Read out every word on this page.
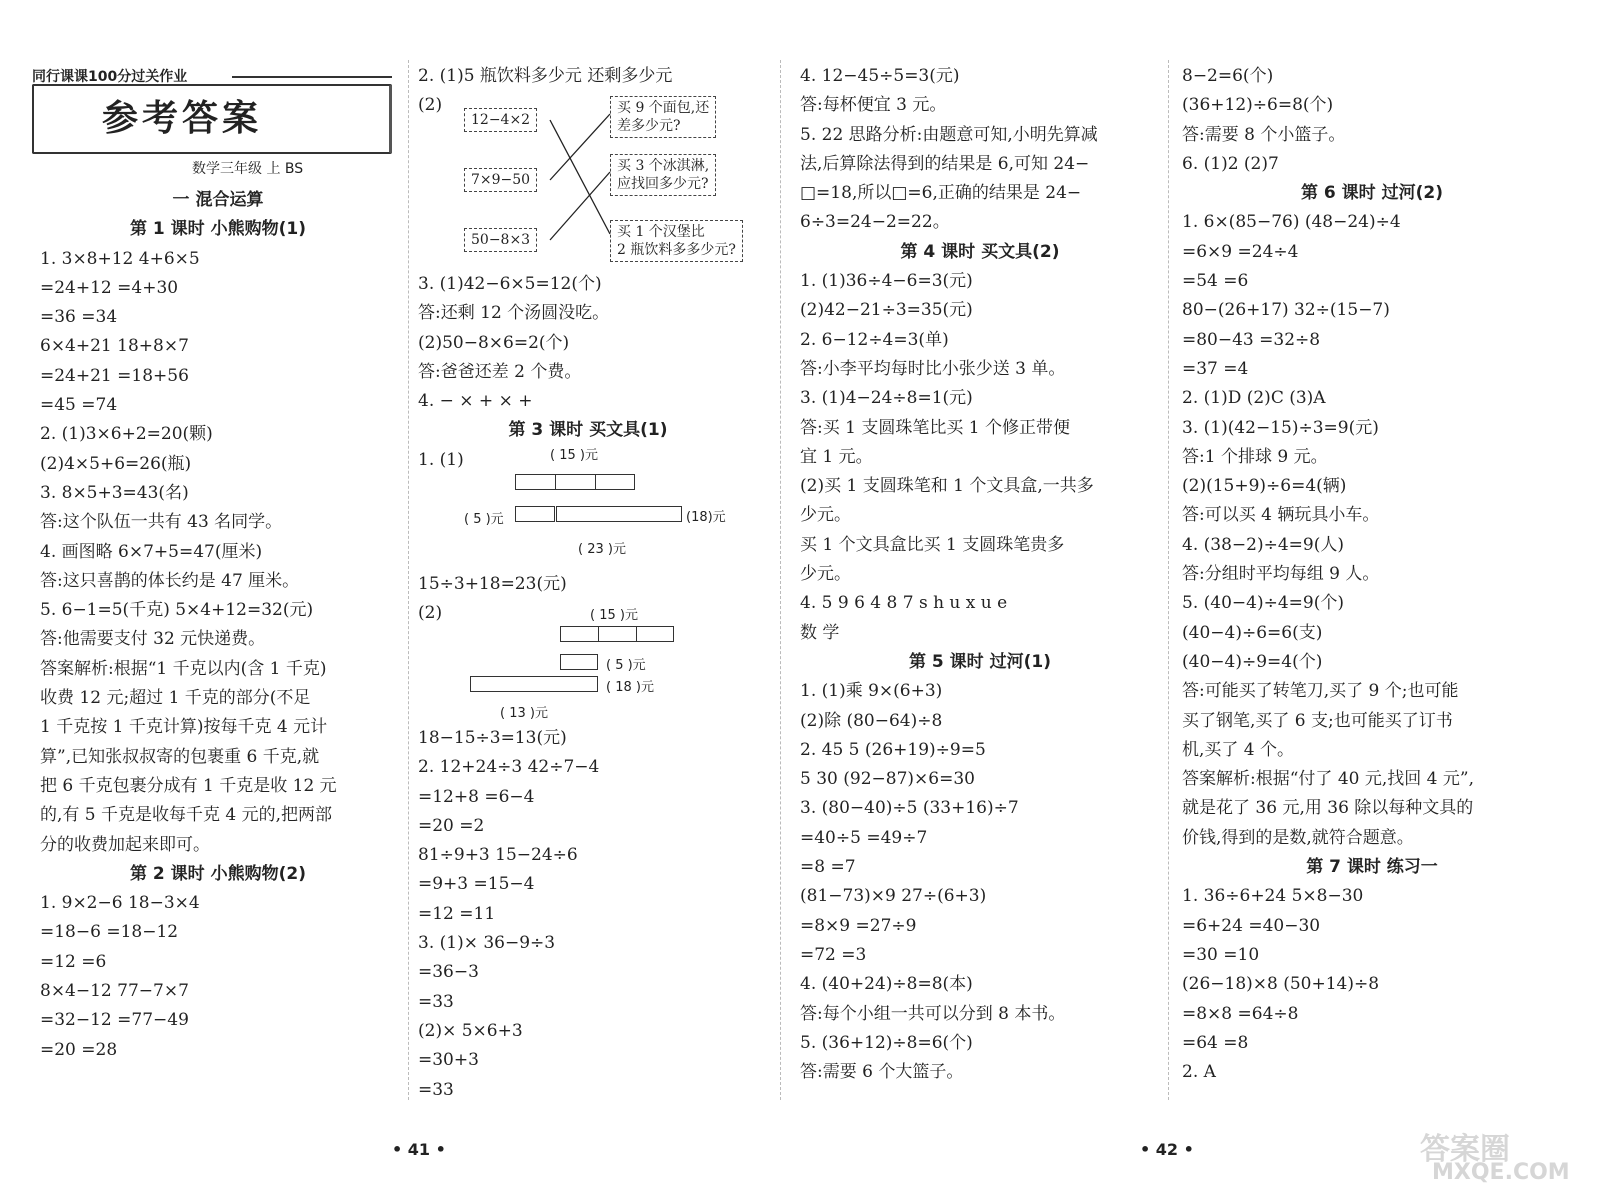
同行课课100分过关作业
参考答案
数学三年级 上 BS
一 混合运算
第 1 课时 小熊购物(1)
1. 3×8+12 4+6×5
=24+12 =4+30
=36 =34
6×4+21 18+8×7
=24+21 =18+56
=45 =74
2. (1)3×6+2=20(颗)
(2)4×5+6=26(瓶)
3. 8×5+3=43(名)
答:这个队伍一共有 43 名同学。
4. 画图略 6×7+5=47(厘米)
答:这只喜鹊的体长约是 47 厘米。
5. 6−1=5(千克) 5×4+12=32(元)
答:他需要支付 32 元快递费。
答案解析:根据“1 千克以内(含 1 千克)
收费 12 元;超过 1 千克的部分(不足
1 千克按 1 千克计算)按每千克 4 元计
算”,已知张叔叔寄的包裹重 6 千克,就
把 6 千克包裹分成有 1 千克是收 12 元
的,有 5 千克是收每千克 4 元的,把两部
分的收费加起来即可。
第 2 课时 小熊购物(2)
1. 9×2−6 18−3×4
=18−6 =18−12
=12 =6
8×4−12 77−7×7
=32−12 =77−49
=20 =28
2. (1)5 瓶饮料多少元 还剩多少元
(2)
12−4×2
7×9−50
50−8×3
买 9 个面包,还
差多少元?
买 3 个冰淇淋,
应找回多少元?
买 1 个汉堡比
2 瓶饮料多多少元?
3. (1)42−6×5=12(个)
答:还剩 12 个汤圆没吃。
(2)50−8×6=2(个)
答:爸爸还差 2 个费。
4. − × + × +
第 3 课时 买文具(1)
1. (1)	( 15 )元
( 5 )元	(18)元
( 23 )元
15÷3+18=23(元)
(2)	( 15 )元
( 5 )元
( 18 )元
( 13 )元
18−15÷3=13(元)
2. 12+24÷3 42÷7−4
=12+8 =6−4
=20 =2
81÷9+3 15−24÷6
=9+3 =15−4
=12 =11
3. (1)× 36−9÷3
=36−3
=33
(2)× 5×6+3
=30+3
=33
4. 12−45÷5=3(元)
答:每杯便宜 3 元。
5. 22 思路分析:由题意可知,小明先算减
法,后算除法得到的结果是 6,可知 24−
□=18,所以□=6,正确的结果是 24−
6÷3=24−2=22。
第 4 课时 买文具(2)
1. (1)36÷4−6=3(元)
(2)42−21÷3=35(元)
2. 6−12÷4=3(单)
答:小李平均每时比小张少送 3 单。
3. (1)4−24÷8=1(元)
答:买 1 支圆珠笔比买 1 个修正带便
宜 1 元。
(2)买 1 支圆珠笔和 1 个文具盒,一共多
少元。
买 1 个文具盒比买 1 支圆珠笔贵多
少元。
4. 5 9 6 4 8 7 s h u x u e
数 学
第 5 课时 过河(1)
1. (1)乘 9×(6+3)
(2)除 (80−64)÷8
2. 45 5 (26+19)÷9=5
5 30 (92−87)×6=30
3. (80−40)÷5 (33+16)÷7
=40÷5 =49÷7
=8 =7
(81−73)×9 27÷(6+3)
=8×9 =27÷9
=72 =3
4. (40+24)÷8=8(本)
答:每个小组一共可以分到 8 本书。
5. (36+12)÷8=6(个)
答:需要 6 个大篮子。
8−2=6(个)
(36+12)÷6=8(个)
答:需要 8 个小篮子。
6. (1)2 (2)7
第 6 课时 过河(2)
1. 6×(85−76) (48−24)÷4
=6×9 =24÷4
=54 =6
80−(26+17) 32÷(15−7)
=80−43 =32÷8
=37 =4
2. (1)D (2)C (3)A
3. (1)(42−15)÷3=9(元)
答:1 个排球 9 元。
(2)(15+9)÷6=4(辆)
答:可以买 4 辆玩具小车。
4. (38−2)÷4=9(人)
答:分组时平均每组 9 人。
5. (40−4)÷4=9(个)
(40−4)÷6=6(支)
(40−4)÷9=4(个)
答:可能买了转笔刀,买了 9 个;也可能
买了钢笔,买了 6 支;也可能买了订书
机,买了 4 个。
答案解析:根据“付了 40 元,找回 4 元”,
就是花了 36 元,用 36 除以每种文具的
价钱,得到的是数,就符合题意。
第 7 课时 练习一
1. 36÷6+24 5×8−30
=6+24 =40−30
=30 =10
(26−18)×8 (50+14)÷8
=8×8 =64÷8
=64 =8
2. A
• 41 •	• 42 •	答案圈
MXQE.COM
